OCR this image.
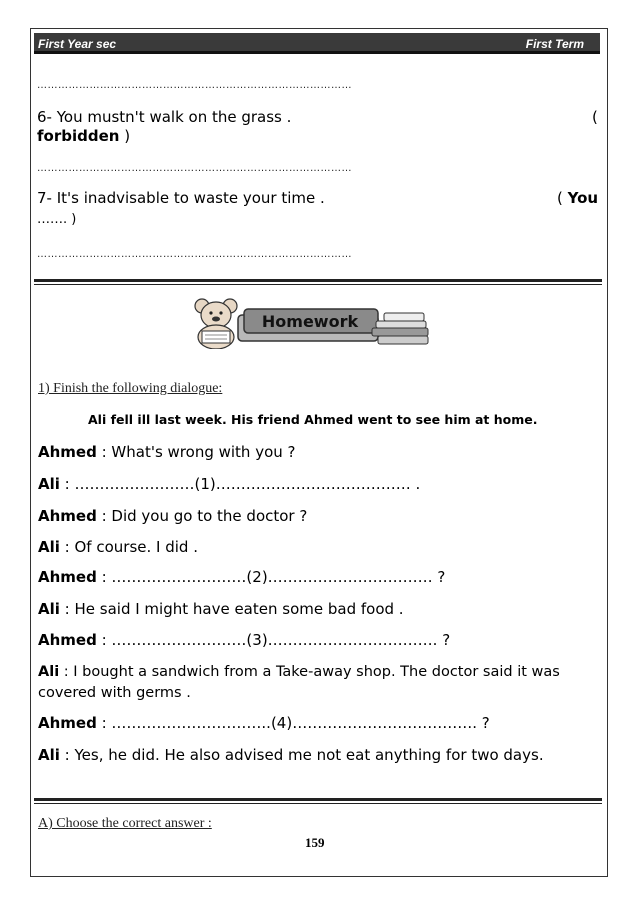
First Year sec	First Term
………………………………………………………………………………
6- You mustn't walk on the grass .	(
forbidden )
………………………………………………………………………………
7- It's inadvisable to waste your time .	( You
……. )
………………………………………………………………………………
Homework
1) Finish the following dialogue:
Ali fell ill last week. His friend Ahmed went to see him at home.
Ahmed : What's wrong with you ?
Ali : ……………………(1)………………………………… .
Ahmed : Did you go to the doctor ?
Ali : Of course. I did .
Ahmed : ………………………(2)…………………………… ?
Ali : He said I might have eaten some bad food .
Ahmed : ………………………(3)……………………………. ?
Ali : I bought a sandwich from a Take-away shop. The doctor said it was covered with germs .
Ahmed : …………………………..(4)………………………………. ?
Ali : Yes, he did. He also advised me not eat anything for two days.
A) Choose the correct answer :
159
